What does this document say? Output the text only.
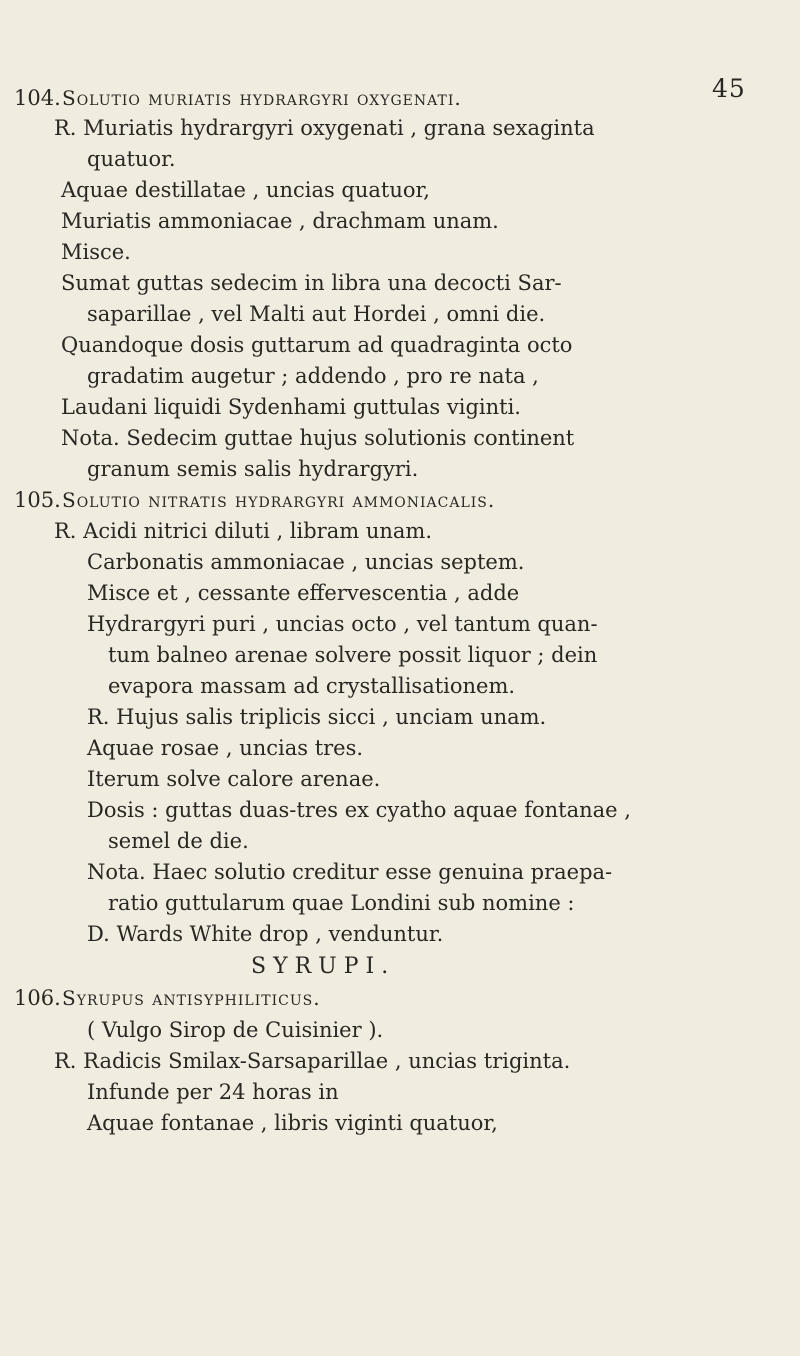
45
104. Solutio muriatis hydrargyri oxygenati.
R. Muriatis hydrargyri oxygenati , grana sexaginta
quatuor.
Aquae destillatae , uncias quatuor,
Muriatis ammoniacae , drachmam unam.
Misce.
Sumat guttas sedecim in libra una decocti Sar-
saparillae , vel Malti aut Hordei , omni die.
Quandoque dosis guttarum ad quadraginta octo
gradatim augetur ; addendo , pro re nata ,
Laudani liquidi Sydenhami guttulas viginti.
Nota. Sedecim guttae hujus solutionis continent
granum semis salis hydrargyri.
105. Solutio nitratis hydrargyri ammoniacalis.
R. Acidi nitrici diluti , libram unam.
Carbonatis ammoniacae , uncias septem.
Misce et , cessante effervescentia , adde
Hydrargyri puri , uncias octo , vel tantum quan-
tum balneo arenae solvere possit liquor ; dein
evapora massam ad crystallisationem.
R. Hujus salis triplicis sicci , unciam unam.
Aquae rosae , uncias tres.
Iterum solve calore arenae.
Dosis : guttas duas-tres ex cyatho aquae fontanae ,
semel de die.
Nota. Haec solutio creditur esse genuina praepa-
ratio guttularum quae Londini sub nomine :
D. Wards White drop , venduntur.
SYRUPI.
106. Syrupus antisyphiliticus.
( Vulgo Sirop de Cuisinier ).
R. Radicis Smilax-Sarsaparillae , uncias triginta.
Infunde per 24 horas in
Aquae fontanae , libris viginti quatuor,
